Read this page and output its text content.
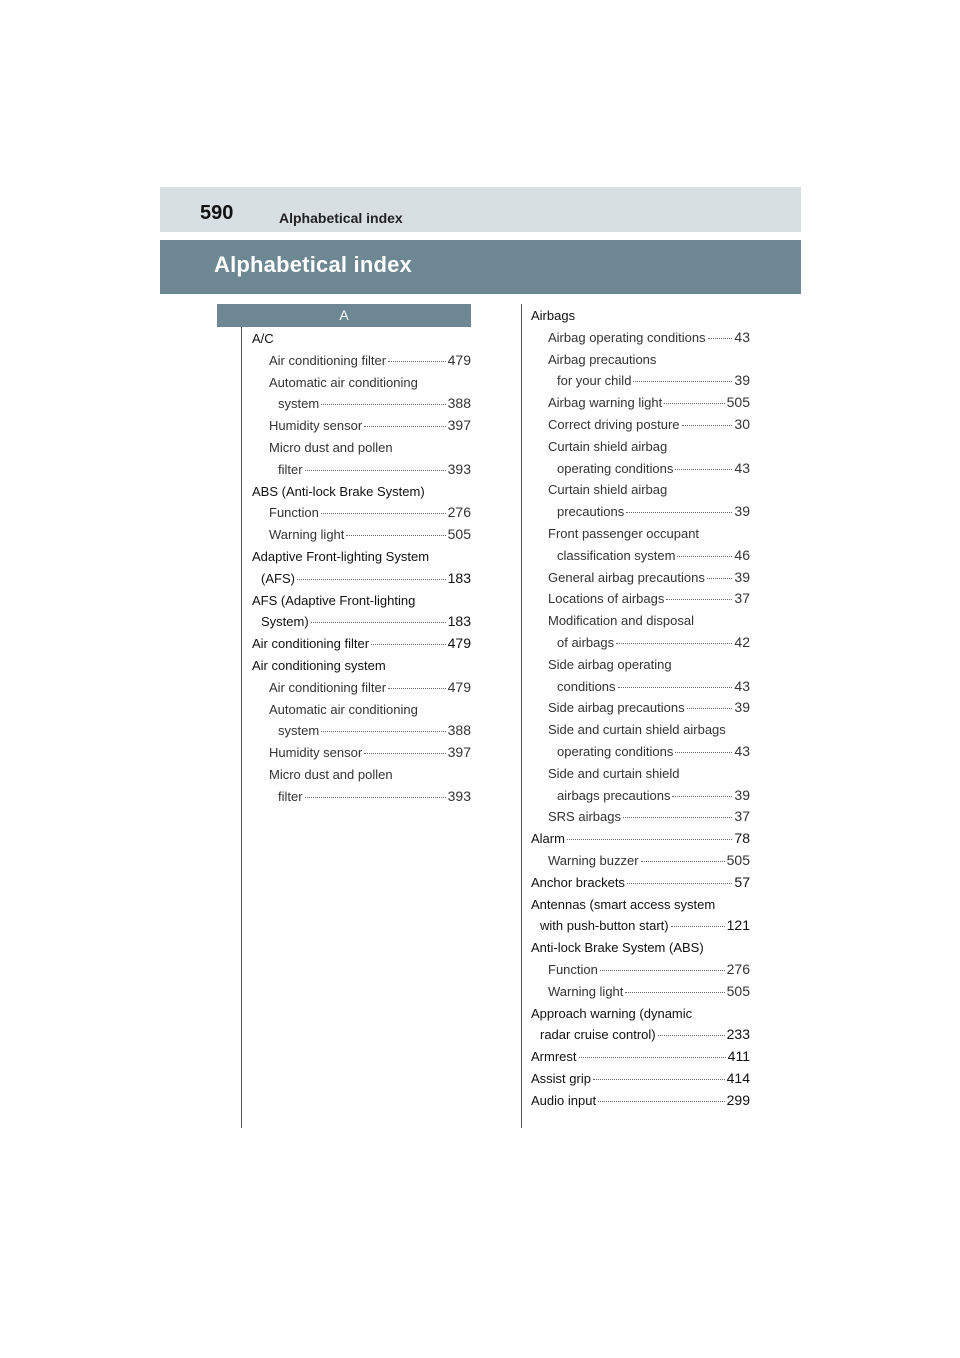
590	Alphabetical index
Alphabetical index
A
A/C
Air conditioning filter	479
Automatic air conditioning
system	388
Humidity sensor	397
Micro dust and pollen
filter	393
ABS (Anti-lock Brake System)
Function	276
Warning light	505
Adaptive Front-lighting System
(AFS)	183
AFS (Adaptive Front-lighting
System)	183
Air conditioning filter	479
Air conditioning system
Air conditioning filter	479
Automatic air conditioning
system	388
Humidity sensor	397
Micro dust and pollen
filter	393
Airbags
Airbag operating conditions 43
Airbag precautions
for your child	39
Airbag warning light	505
Correct driving posture	30
Curtain shield airbag
operating conditions	43
Curtain shield airbag
precautions	39
Front passenger occupant
classification system	46
General airbag precautions 39
Locations of airbags	37
Modification and disposal
of airbags	42
Side airbag operating
conditions	43
Side airbag precautions	39
Side and curtain shield airbags
operating conditions	43
Side and curtain shield
airbags precautions	39
SRS airbags	37
Alarm	78
Warning buzzer	505
Anchor brackets	57
Antennas (smart access system
with push-button start)	121
Anti-lock Brake System (ABS)
Function	276
Warning light	505
Approach warning (dynamic
radar cruise control)	233
Armrest	411
Assist grip	414
Audio input	299
